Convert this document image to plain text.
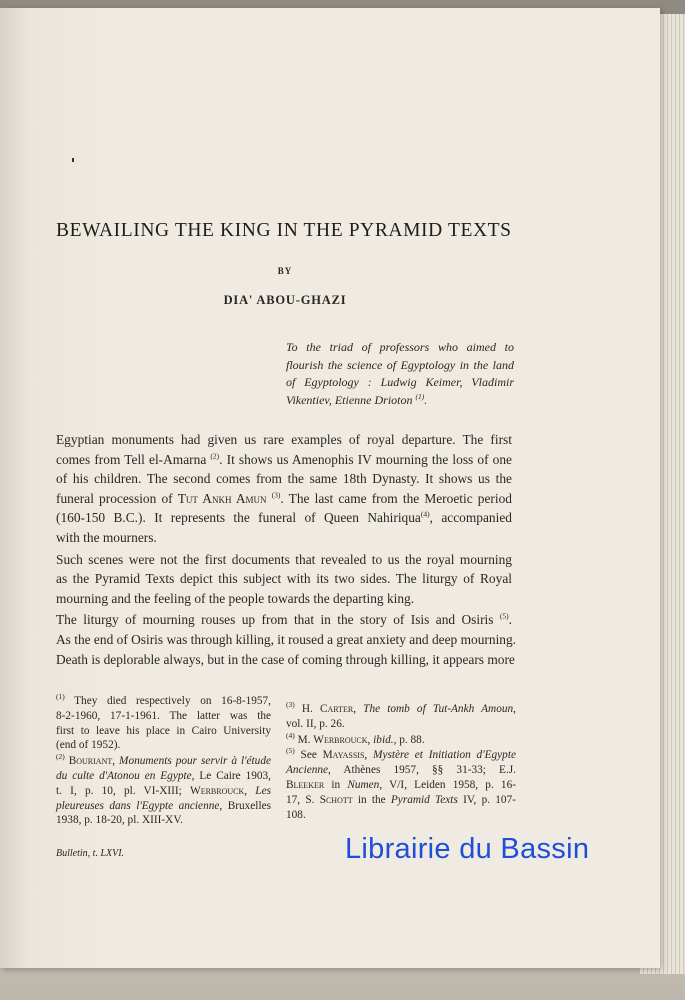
BEWAILING THE KING IN THE PYRAMID TEXTS
BY
DIA' ABOU-GHAZI
To the triad of professors who aimed to
flourish the science of Egyptology in the land
of Egyptology : Ludwig Keimer, Vladimir
Vikentiev, Etienne Drioton $^{(1)}$.
Egyptian monuments had given us rare examples of royal departure. The first
comes from Tell el-Amarna $^{(2)}$. It shows us Amenophis IV mourning the loss of one
of his children. The second comes from the same 18th Dynasty. It shows us the
funeral procession of Tut Ankh Amun $^{(3)}$. The last came from the Meroetic period
(160-150 B.C.). It represents the funeral of Queen Nahiriqua$^{(4)}$, accompanied
with the mourners.
Such scenes were not the first documents that revealed to us the royal mourning
as the Pyramid Texts depict this subject with its two sides. The liturgy of Royal
mourning and the feeling of the people towards the departing king.
The liturgy of mourning rouses up from that in the story of Isis and Osiris $^{(5)}$.
As the end of Osiris was through killing, it roused a great anxiety and deep mourning.
Death is deplorable always, but in the case of coming through killing, it appears more
$^{(1)}$ They died respectively on 16-8-1957,
8-2-1960, 17-1-1961. The latter was the
first to leave his place in Cairo University
(end of 1952).
$^{(2)}$ Bouriant, Monuments pour servir à l'étude
du culte d'Atonou en Egypte, Le Caire 1903,
t. I, p. 10, pl. VI-XIII; Werbrouck, Les
pleureuses dans l'Egypte ancienne, Bruxelles
1938, p. 18-20, pl. XIII-XV.
$^{(3)}$ H. Carter, The tomb of Tut-Ankh Amoun,
vol. II, p. 26.
$^{(4)}$ M. Werbrouck, ibid., p. 88.
$^{(5)}$ See Mayassis, Mystère et Initiation d'Egypte
Ancienne, Athènes 1957, §§ 31-33; E.J.
Bleeker in Numen, V/I, Leiden 1958, p. 16-
17, S. Schott in the Pyramid Texts IV, p. 107-
108.
Bulletin, t. LXVI.	Librairie du Bassin
